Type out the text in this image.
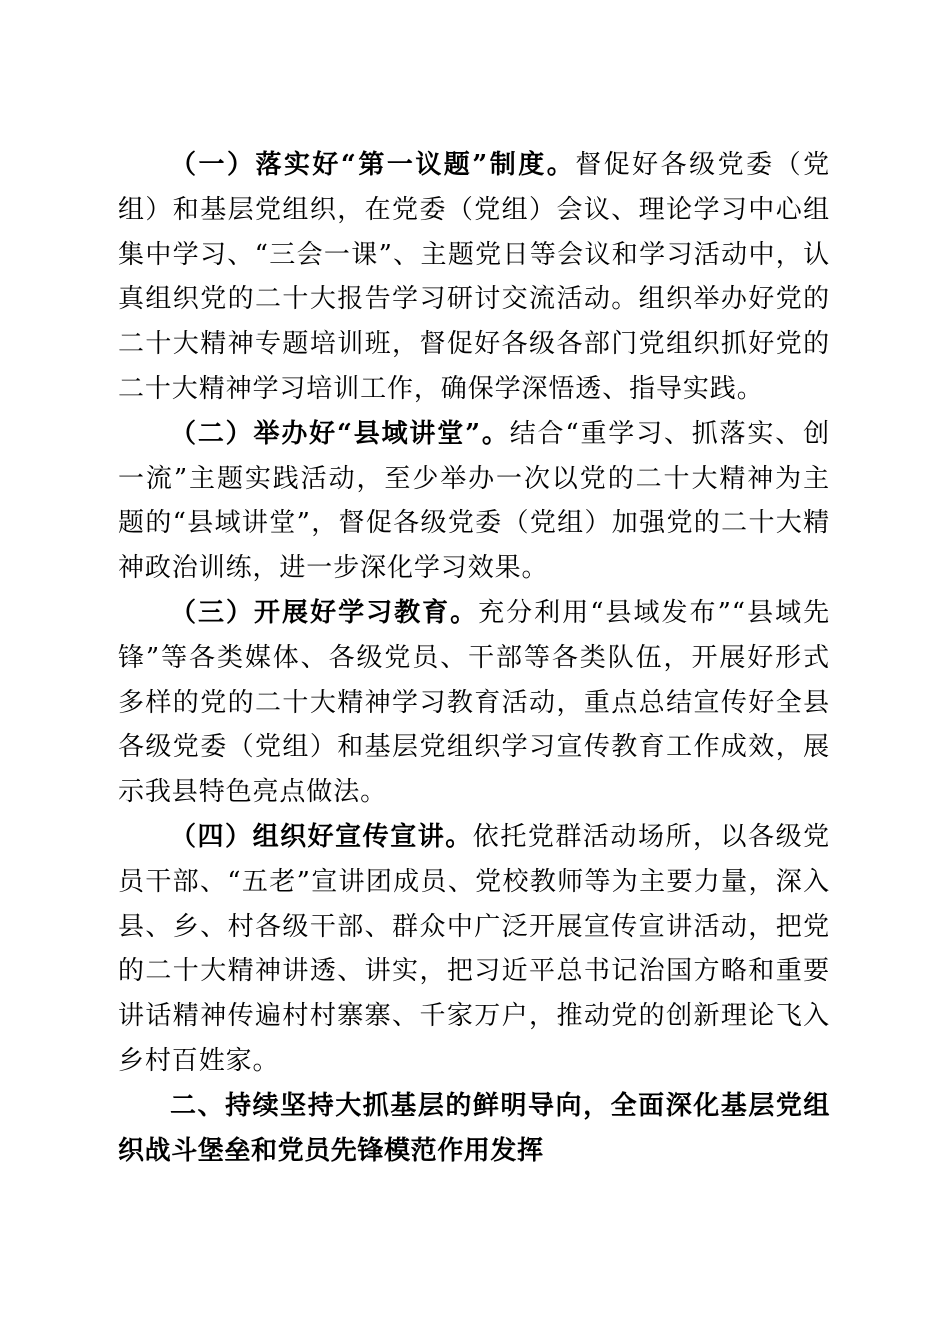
（一）落实好“第一议题”制度。督促好各级党委（党组）和基层党组织，在党委（党组）会议、理论学习中心组集中学习、“三会一课”、主题党日等会议和学习活动中，认真组织党的二十大报告学习研讨交流活动。组织举办好党的二十大精神专题培训班，督促好各级各部门党组织抓好党的二十大精神学习培训工作，确保学深悟透、指导实践。

（二）举办好“县域讲堂”。结合“重学习、抓落实、创一流”主题实践活动，至少举办一次以党的二十大精神为主题的“县域讲堂”，督促各级党委（党组）加强党的二十大精神政治训练，进一步深化学习效果。

（三）开展好学习教育。充分利用“县域发布”“县域先锋”等各类媒体、各级党员、干部等各类队伍，开展好形式多样的党的二十大精神学习教育活动，重点总结宣传好全县各级党委（党组）和基层党组织学习宣传教育工作成效，展示我县特色亮点做法。

（四）组织好宣传宣讲。依托党群活动场所，以各级党员干部、“五老”宣讲团成员、党校教师等为主要力量，深入县、乡、村各级干部、群众中广泛开展宣传宣讲活动，把党的二十大精神讲透、讲实，把习近平总书记治国方略和重要讲话精神传遍村村寨寨、千家万户，推动党的创新理论飞入乡村百姓家。

二、持续坚持大抓基层的鲜明导向，全面深化基层党组织战斗堡垒和党员先锋模范作用发挥
